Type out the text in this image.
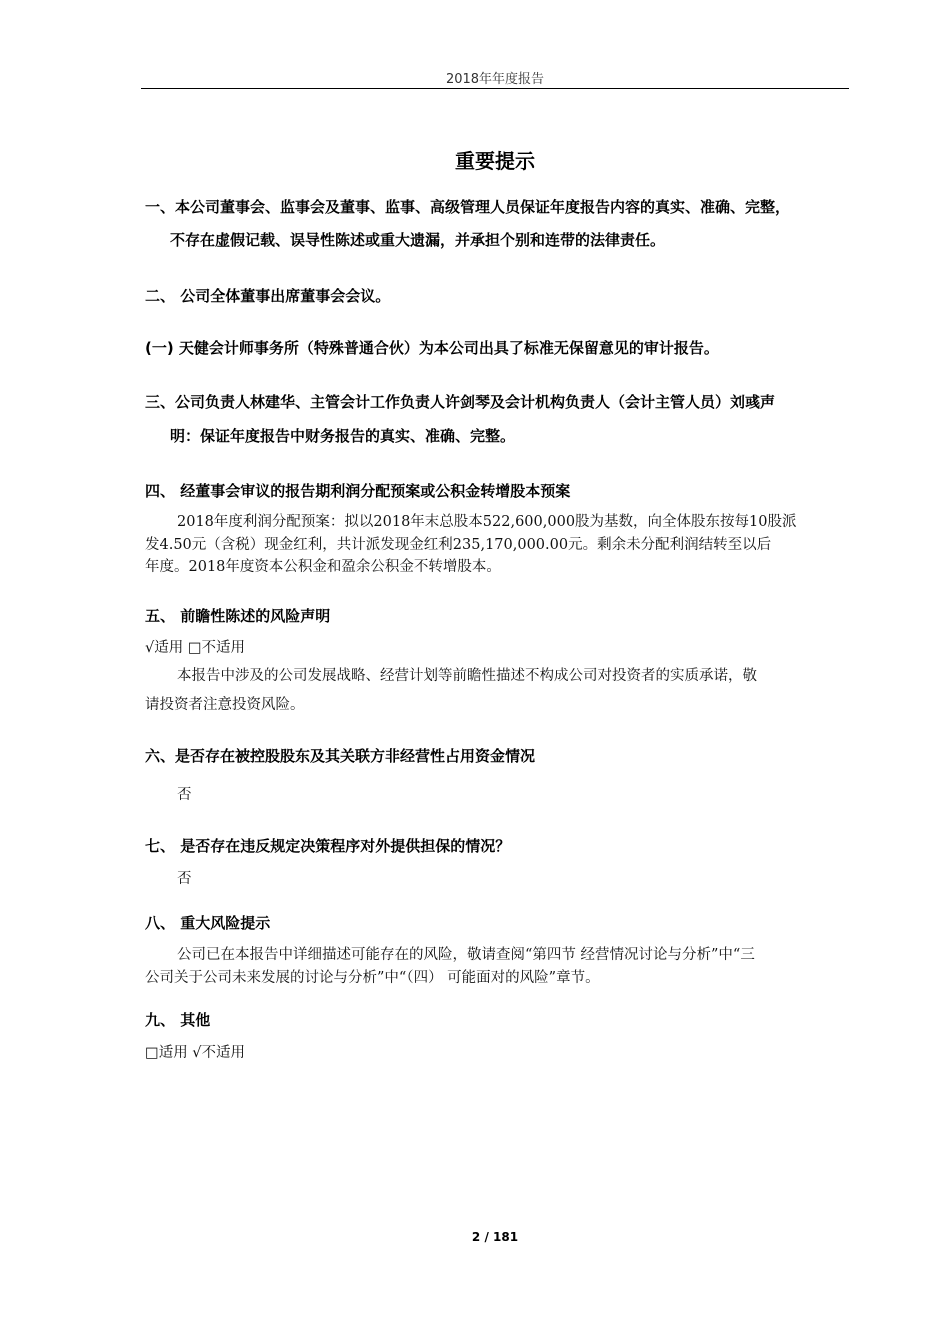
2018年年度报告
重要提示
一、本公司董事会、监事会及董事、监事、高级管理人员保证年度报告内容的真实、准确、完整，
不存在虚假记载、误导性陈述或重大遗漏，并承担个别和连带的法律责任。
二、 公司全体董事出席董事会会议。
(一) 天健会计师事务所（特殊普通合伙）为本公司出具了标准无保留意见的审计报告。
三、公司负责人林建华、主管会计工作负责人许剑琴及会计机构负责人（会计主管人员）刘彧声
明：保证年度报告中财务报告的真实、准确、完整。
四、 经董事会审议的报告期利润分配预案或公积金转增股本预案
2018年度利润分配预案：拟以2018年末总股本522,600,000股为基数，向全体股东按每10股派
发4.50元（含税）现金红利，共计派发现金红利235,170,000.00元。剩余未分配利润结转至以后
年度。2018年度资本公积金和盈余公积金不转增股本。
五、 前瞻性陈述的风险声明
√适用 □不适用
本报告中涉及的公司发展战略、经营计划等前瞻性描述不构成公司对投资者的实质承诺，敬
请投资者注意投资风险。
六、是否存在被控股股东及其关联方非经营性占用资金情况
否
七、 是否存在违反规定决策程序对外提供担保的情况？
否
八、 重大风险提示
公司已在本报告中详细描述可能存在的风险，敬请查阅“第四节 经营情况讨论与分析”中“三
公司关于公司未来发展的讨论与分析”中“（四） 可能面对的风险”章节。
九、 其他
□适用 √不适用
2 / 181
